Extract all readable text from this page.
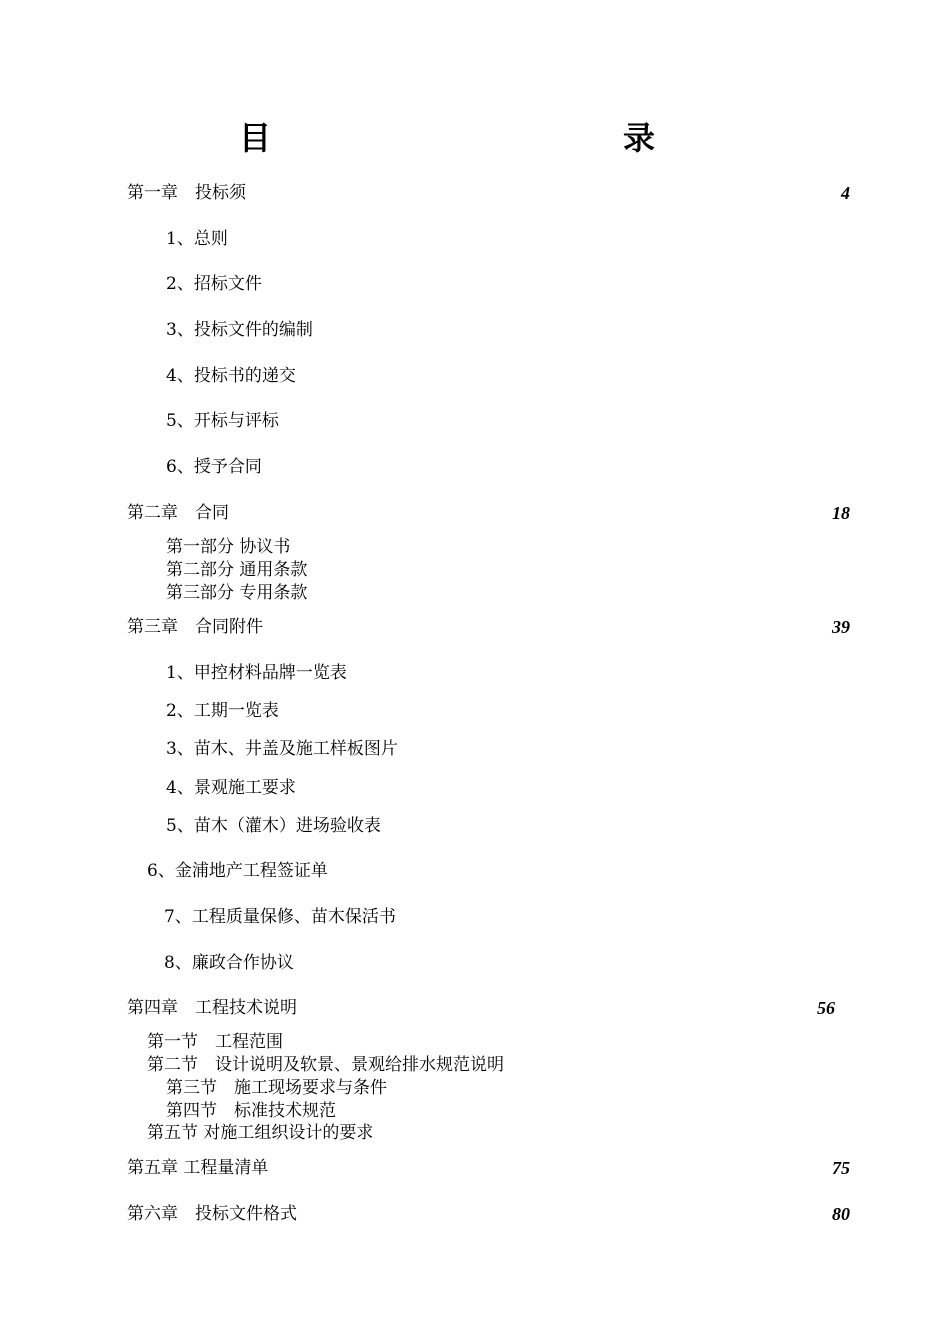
目　　录
第一章　投标须	4
1、总则
2、招标文件
3、投标文件的编制
4、投标书的递交
5、开标与评标
6、授予合同
第二章　合同	18
第一部分 协议书
第二部分 通用条款
第三部分 专用条款
第三章　合同附件	39
1、甲控材料品牌一览表
2、工期一览表
3、苗木、井盖及施工样板图片
4、景观施工要求
5、苗木（灌木）进场验收表
6、金浦地产工程签证单
7、工程质量保修、苗木保活书
8、廉政合作协议
第四章　工程技术说明	56
第一节　工程范围
第二节　设计说明及软景、景观给排水规范说明
第三节　施工现场要求与条件
第四节　标准技术规范
第五节 对施工组织设计的要求
第五章 工程量清单	75
第六章　投标文件格式	80
